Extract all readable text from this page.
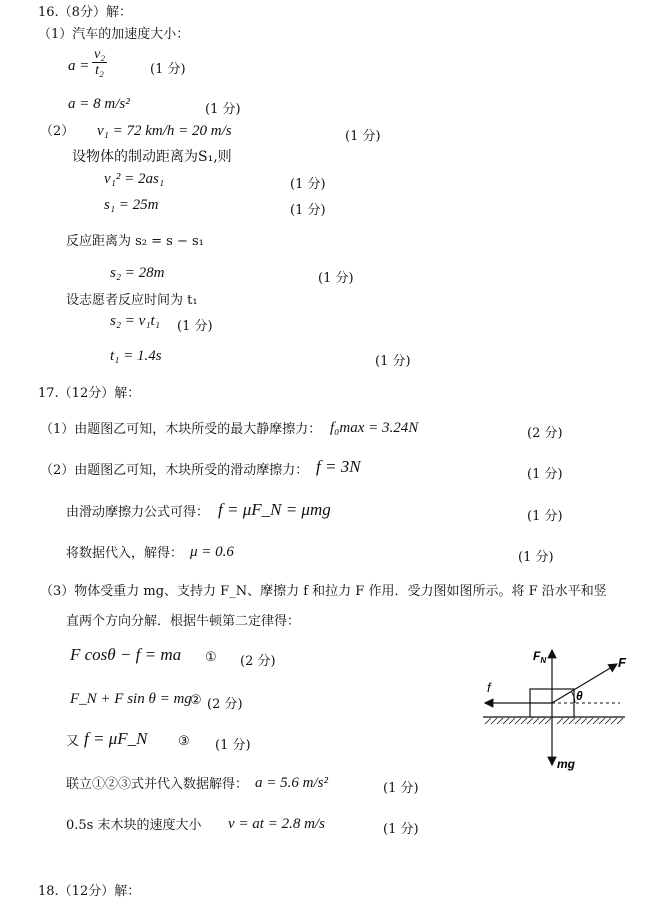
16.（8分）解：
（1）汽车的加速度大小：
$a = \frac{\text{v₂}}{\text{t₂}}$	(1 分)
a = 8 m/s²	(1 分)
（2） v₁ = 72 km/h = 20 m/s	(1 分)
设物体的制动距离为S₁,则
v₁² = 2as₁	(1 分)
s₁ = 25m	(1 分)
反应距离为 s₂ = s − s₁
s₂ = 28m	(1 分)
设志愿者反应时间为 t₁
s₂ = v₁t₁ (1 分)
t₁ = 1.4s	(1 分)
17.（12分）解：
（1）由题图乙可知，木块所受的最大静摩擦力： f₀max = 3.24N	(2 分)
（2）由题图乙可知，木块所受的滑动摩擦力： f = 3N	(1 分)
由滑动摩擦力公式可得： f = μF_N = μmg	(1 分)
将数据代入，解得： μ = 0.6	(1 分)
（3）物体受重力 mg、支持力 F_N、摩擦力 f 和拉力 F 作用．受力图如图所示。将 F 沿水平和竖
直两个方向分解．根据牛顿第二定律得：
F cosθ − f = ma ① (2 分)
F_N + F sin θ = mg
② (2 分)
又 f = μF_N ③ (1 分)
联立①②③式并代入数据解得： a = 5.6 m/s²	(1 分)
0.5s 末木块的速度大小 v = at = 2.8 m/s	(1 分)
$F_N$	F
f
θ
mg
18.（12分）解：
